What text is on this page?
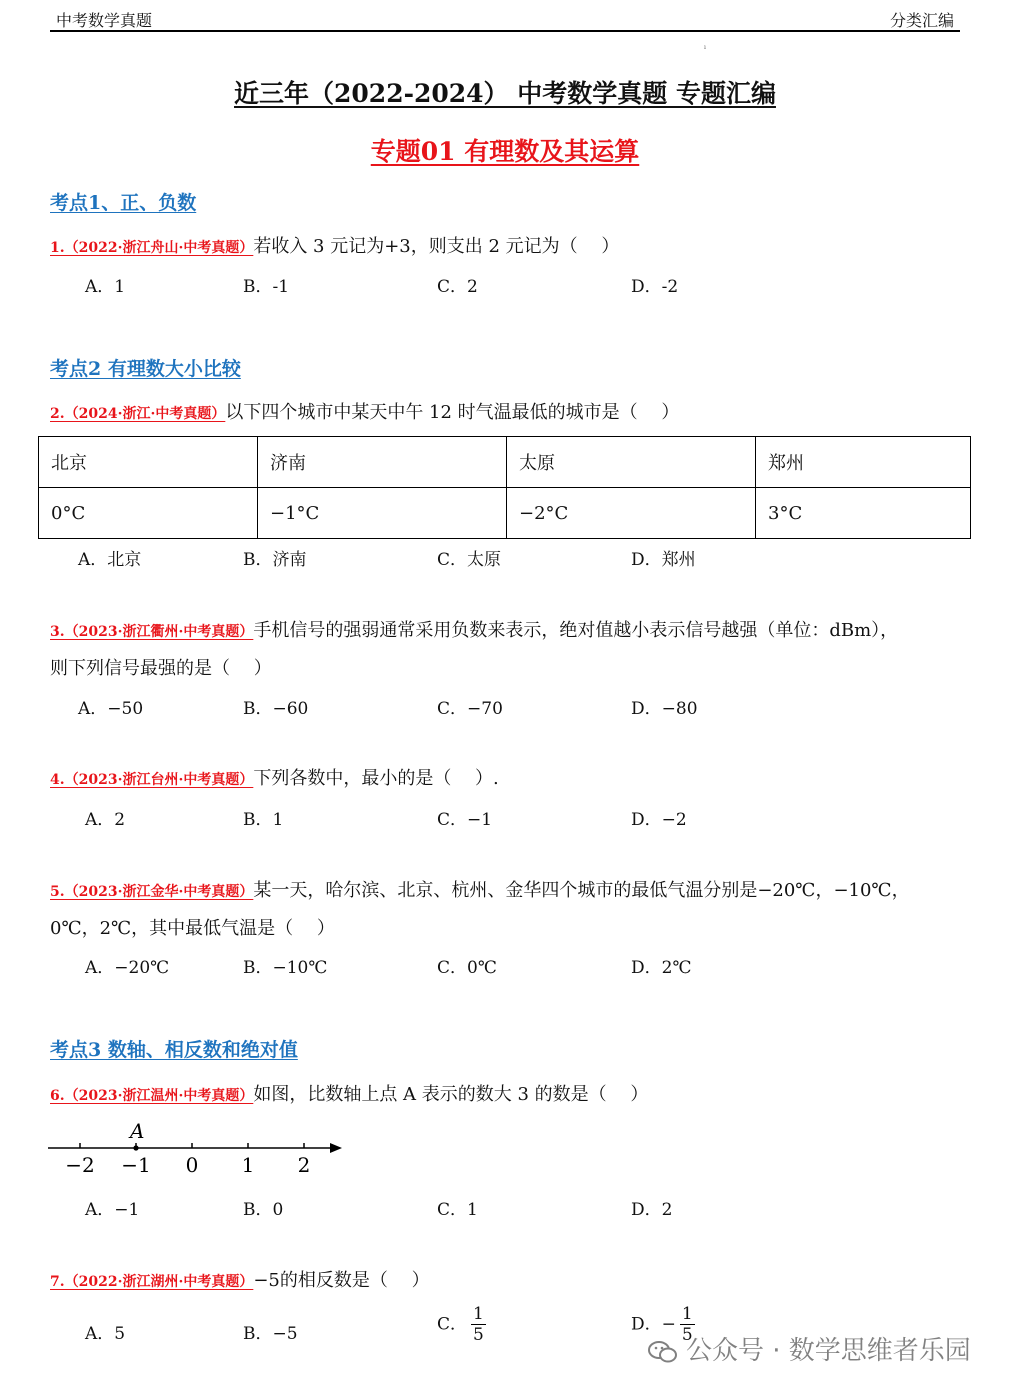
中考数学真题	分类汇编
ı
近三年（2022-2024） 中考数学真题 专题汇编
专题01 有理数及其运算
考点1、正、负数
1.（2022·浙江舟山·中考真题）若收入 3 元记为+3，则支出 2 元记为（　 ）
A．1	B．-1	C．2	D．-2
考点2 有理数大小比较
2.（2024·浙江·中考真题）以下四个城市中某天中午 12 时气温最低的城市是（　 ）
北京	济南	太原	郑州
0°C	−1°C	−2°C	3°C
A．北京	B．济南	C．太原	D．郑州
3.（2023·浙江衢州·中考真题）手机信号的强弱通常采用负数来表示，绝对值越小表示信号越强（单位：dBm），
则下列信号最强的是（　 ）
A．−50	B．−60	C．−70	D．−80
4.（2023·浙江台州·中考真题）下列各数中，最小的是（　 ）.
A．2	B．1	C．−1	D．−2
5.（2023·浙江金华·中考真题）某一天，哈尔滨、北京、杭州、金华四个城市的最低气温分别是−20℃，−10℃，
0℃，2℃，其中最低气温是（　 ）
A．−20℃	B．−10℃	C．0℃	D．2℃
考点3 数轴、相反数和绝对值
6.（2023·浙江温州·中考真题）如图，比数轴上点 A 表示的数大 3 的数是（　 ）
−2 −1 0 1 2
A
A．−1	B．0	C．1	D．2
7.（2022·浙江湖州·中考真题）−5的相反数是（　 ）
A．5	B．−5	C． $\frac{1}{5}$	D．− $\frac{1}{5}$
公众号 · 数学思维者乐园
